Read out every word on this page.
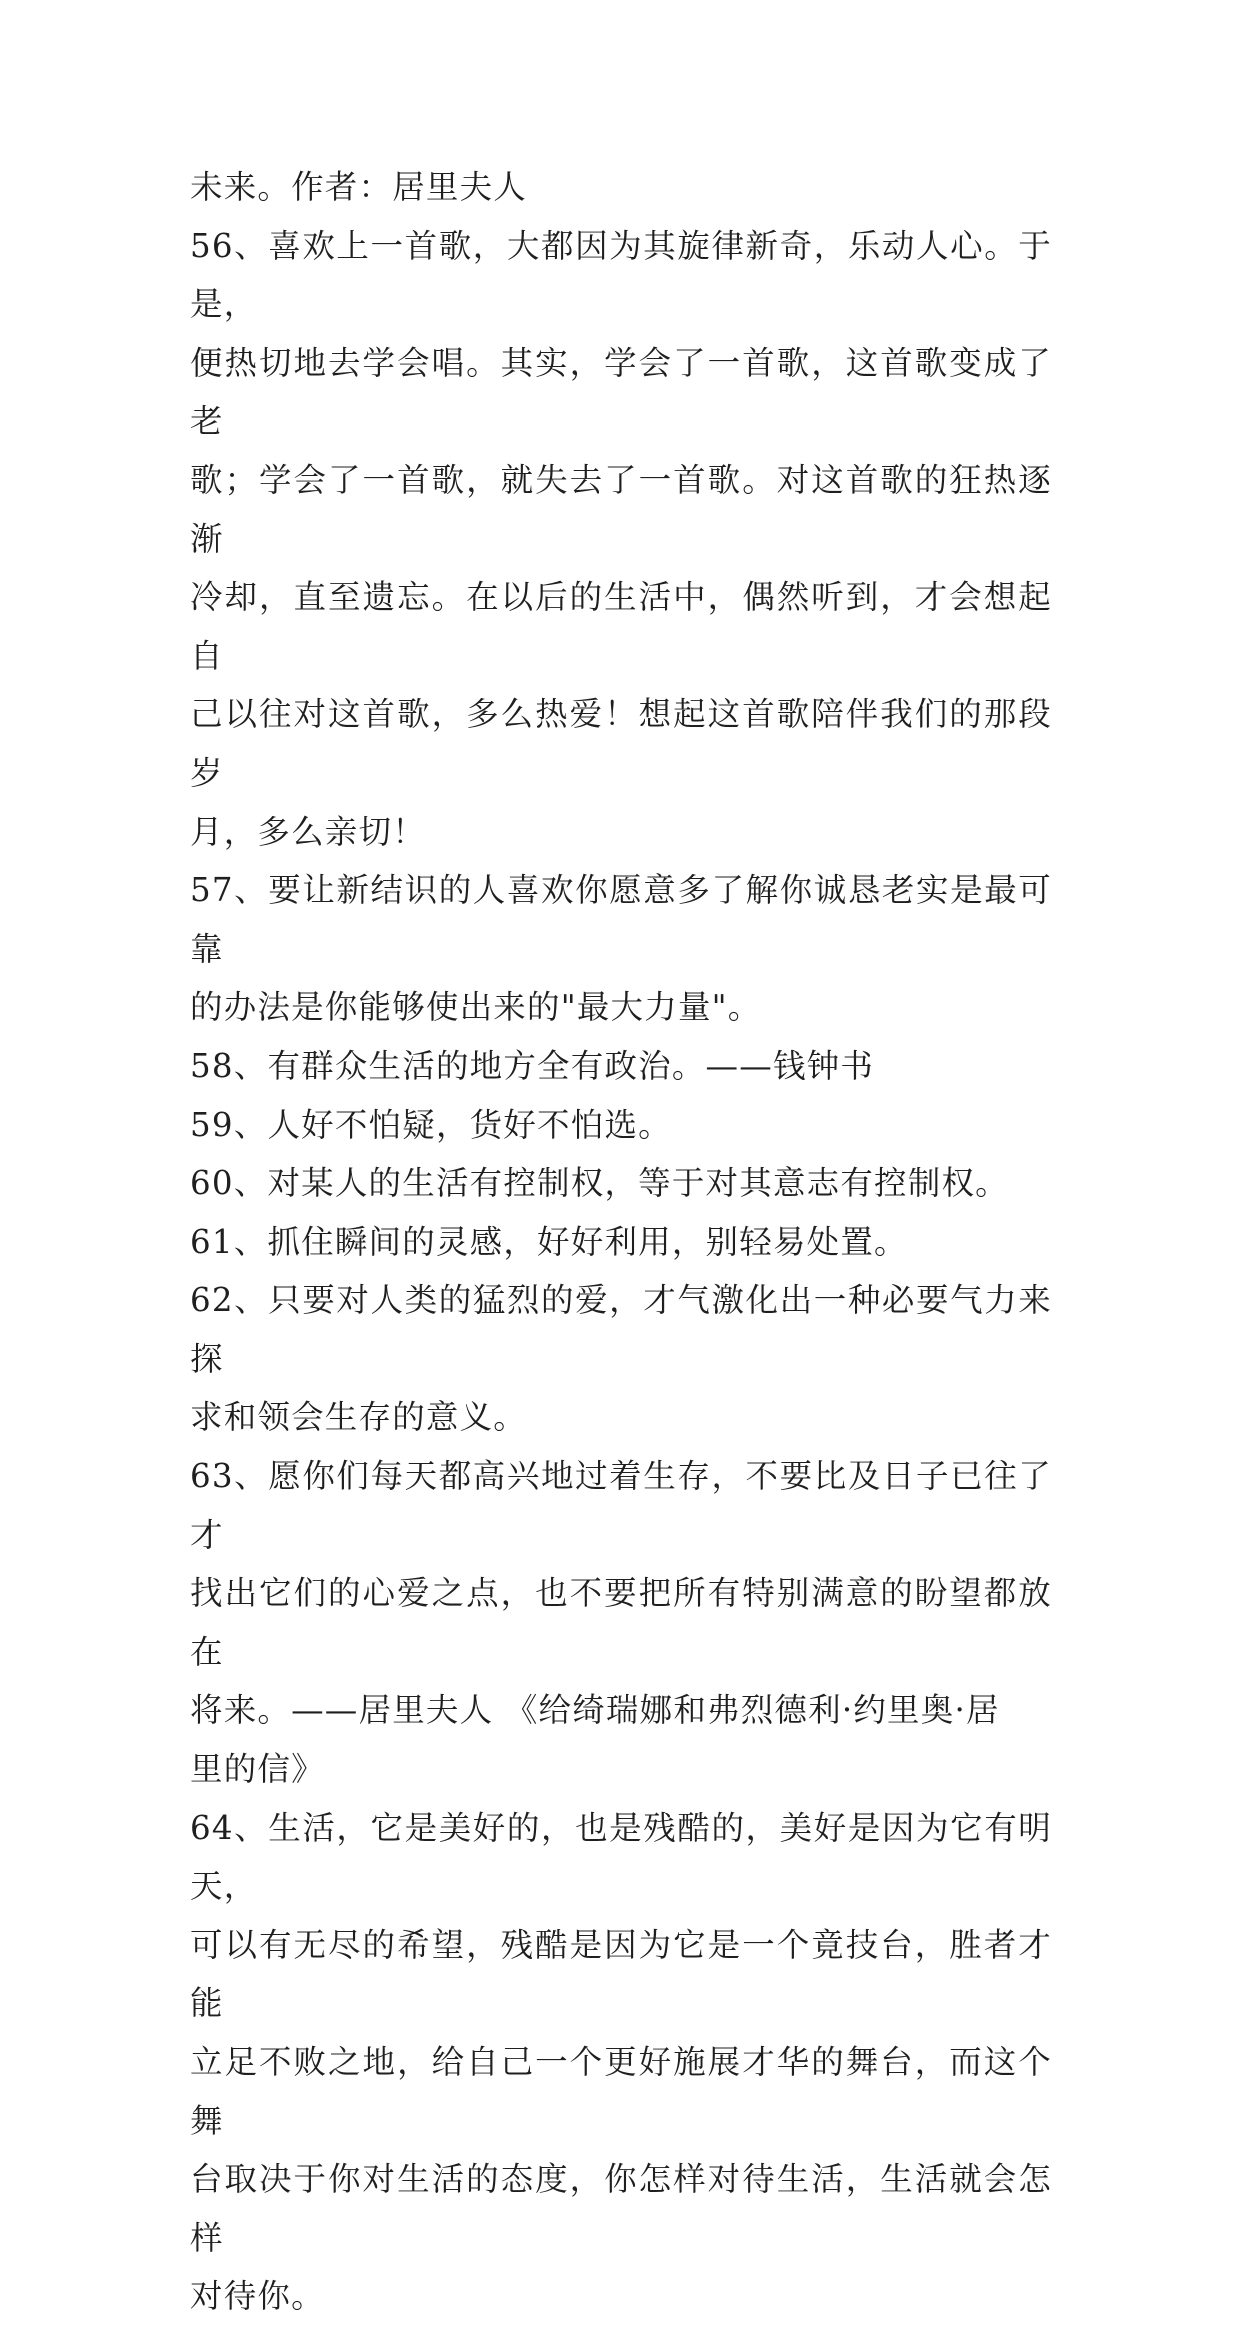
未来。作者：居里夫人

56、喜欢上一首歌，大都因为其旋律新奇，乐动人心。于是，

便热切地去学会唱。其实，学会了一首歌，这首歌变成了老

歌；学会了一首歌，就失去了一首歌。对这首歌的狂热逐渐

冷却，直至遗忘。在以后的生活中，偶然听到，才会想起自

己以往对这首歌，多么热爱！想起这首歌陪伴我们的那段岁

月，多么亲切！

57、要让新结识的人喜欢你愿意多了解你诚恳老实是最可靠

的办法是你能够使出来的"最大力量"。

58、有群众生活的地方全有政治。——钱钟书

59、人好不怕疑，货好不怕选。

60、对某人的生活有控制权，等于对其意志有控制权。

61、抓住瞬间的灵感，好好利用，别轻易处置。

62、只要对人类的猛烈的爱，才气激化出一种必要气力来探

求和领会生存的意义。

63、愿你们每天都高兴地过着生存，不要比及日子已往了才

找出它们的心爱之点，也不要把所有特别满意的盼望都放在

将来。——居里夫人 《给绮瑞娜和弗烈德利·约里奥·居

里的信》

64、生活，它是美好的，也是残酷的，美好是因为它有明天，

可以有无尽的希望，残酷是因为它是一个竟技台，胜者才能

立足不败之地，给自己一个更好施展才华的舞台，而这个舞

台取决于你对生活的态度，你怎样对待生活，生活就会怎样

对待你。
